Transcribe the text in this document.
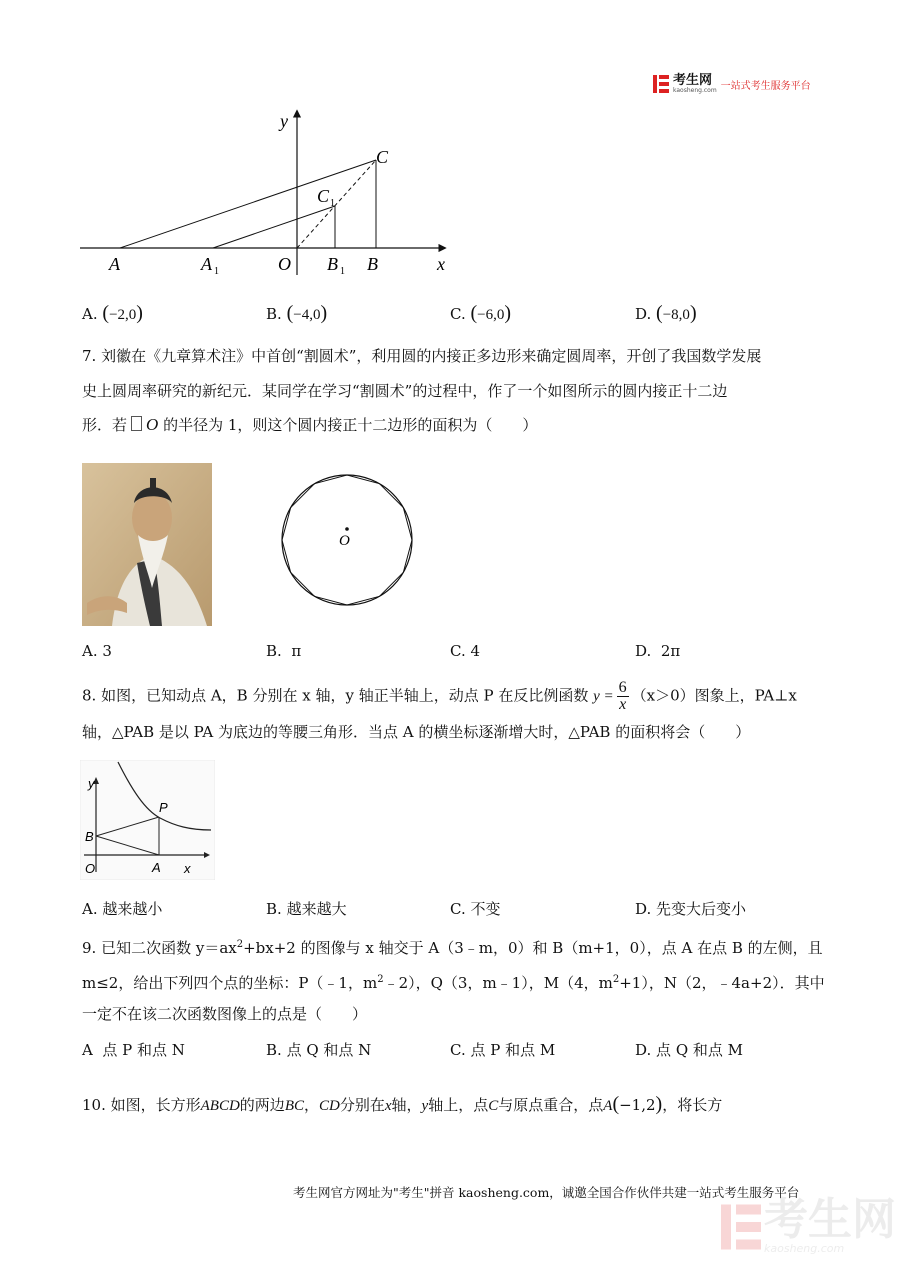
考生网
kaosheng.com 一站式考生服务平台
y
x
A	A 1	O B 1 B
C
C 1
A. (−2,0)	B. (−4,0)	C. (−6,0)	D. (−8,0)
7. 刘徽在《九章算术注》中首创“割圆术”，利用圆的内接正多边形来确定圆周率，开创了我国数学发展
史上圆周率研究的新纪元．某同学在学习“割圆术”的过程中，作了一个如图所示的圆内接正十二边
形．若 O 的半径为 1，则这个圆内接正十二边形的面积为（　　）
O
A. 3	B. π	C. 4	D. 2π
8. 如图，已知动点 A，B 分别在 x 轴，y 轴正半轴上，动点 P 在反比例函数 $y = \frac{6}{x} (x>0)$图象上，PA⊥x
轴，△PAB 是以 PA 为底边的等腰三角形．当点 A 的横坐标逐渐增大时，△PAB 的面积将会（　　）
y
P
B
O	A x
A. 越来越小	B. 越来越大	C. 不变	D. 先变大后变小
9. 已知二次函数 $y=ax^2+bx+2$ 的图像与 x 轴交于 A（3﹣m，0）和 B（m+1，0），点 A 在点 B 的左侧，且
m≤2，给出下列四个点的坐标：P（﹣1，$m^2﹣2$），Q（3，m﹣1），M（4，$m^2+1$），N（2，﹣4a+2）．其中
一定不在该二次函数图像上的点是（　　）
A 点 P 和点 N	B. 点 Q 和点 N	C. 点 P 和点 M	D. 点 Q 和点 M
10. 如图，长方形ABCD的两边BC，CD分别在x轴，y轴上，点C与原点重合，点A(−1,2)，将长方
考生网官方网址为"考生"拼音 kaosheng.com，诚邀全国合作伙伴共建一站式考生服务平台
考生网
kaosheng.com
